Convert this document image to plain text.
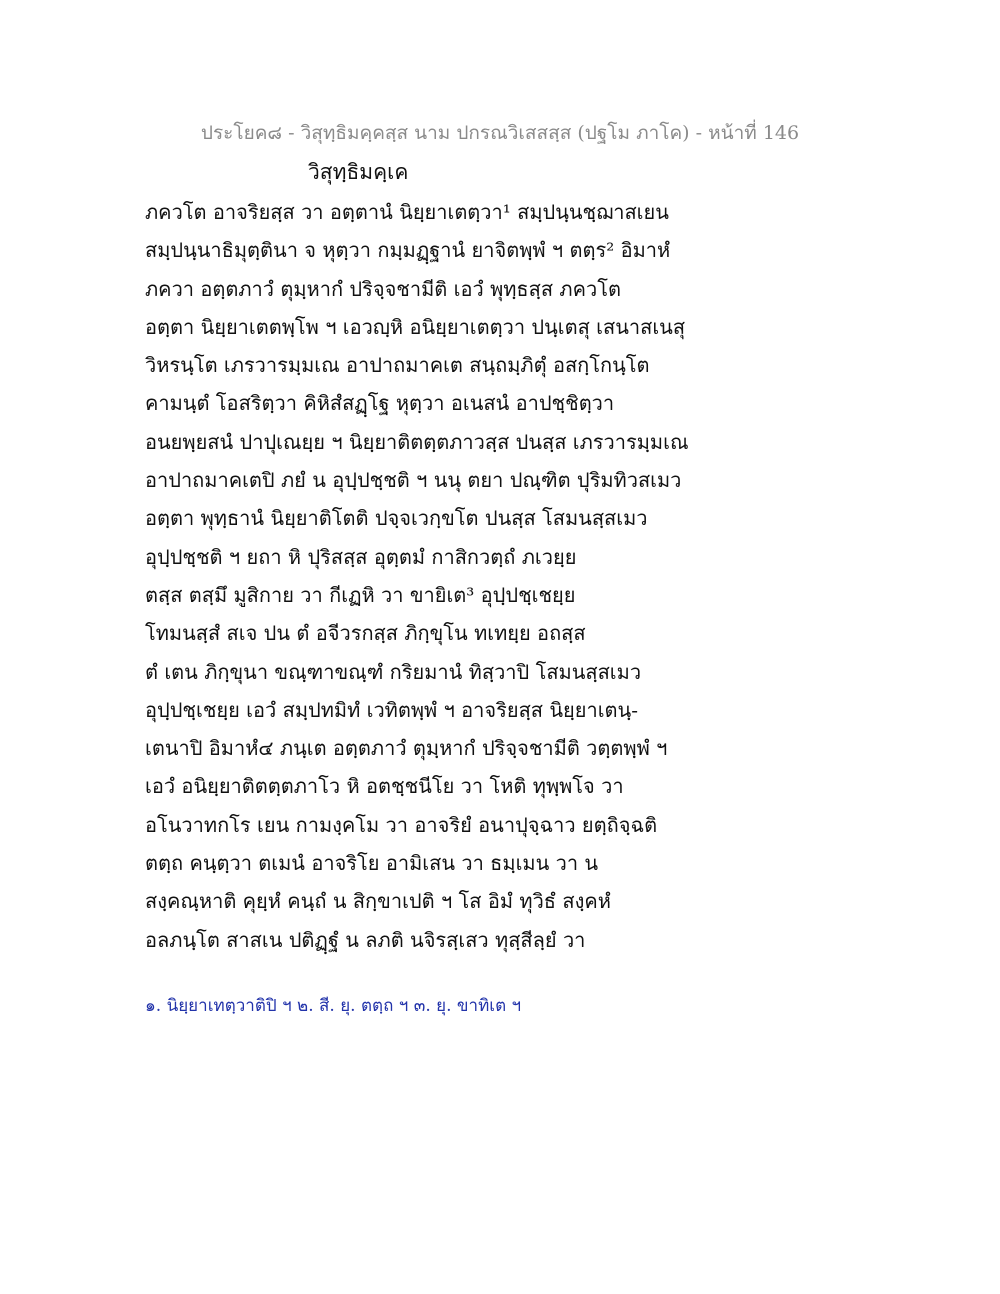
ประโยค๘ - วิสุทฺธิมคฺคสฺส นาม ปกรณวิเสสสฺส (ปฐโม ภาโค) - หน้าที่ 146
วิสุทฺธิมคฺเค
ภควโต อาจริยสฺส วา อตฺตานํ นิยฺยาเตตฺวา¹ สมฺปนฺนชฺฌาสเยน
สมฺปนฺนาธิมุตฺตินา จ หุตฺวา กมฺมฏฺฐานํ ยาจิตพฺพํ ฯ ตตฺร² อิมาหํ
ภควา อตฺตภาวํ ตุมฺหากํ ปริจฺจชามีติ เอวํ พุทฺธสฺส ภควโต
อตฺตา นิยฺยาเตตพฺโพ ฯ เอวญฺหิ อนิยฺยาเตตฺวา ปนฺเตสุ เสนาสเนสุ
วิหรนฺโต เภรวารมฺมเณ อาปาถมาคเต สนฺถมฺภิตุํ อสกฺโกนฺโต
คามนฺตํ โอสริตฺวา คิหิสํสฏฺโฐ หุตฺวา อเนสนํ อาปชฺชิตฺวา
อนยพฺยสนํ ปาปุเณยฺย ฯ นิยฺยาติตตฺตภาวสฺส ปนสฺส เภรวารมฺมเณ
อาปาถมาคเตปิ ภยํ น อุปฺปชฺชติ ฯ นนุ ตยา ปณฺฑิต ปุริมทิวสเมว
อตฺตา พุทฺธานํ นิยฺยาติโตติ ปจฺจเวกฺขโต ปนสฺส โสมนสฺสเมว
อุปฺปชฺชติ ฯ ยถา หิ ปุริสสฺส อุตฺตมํ กาสิกวตฺถํ ภเวยฺย
ตสฺส ตสฺมึ มูสิกาย วา กีเฏหิ วา ขายิเต³ อุปฺปชฺเชยฺย
โทมนสฺสํ สเจ ปน ตํ อจีวรกสฺส ภิกฺขุโน ทเทยฺย อถสฺส
ตํ เตน ภิกฺขุนา ขณฺฑาขณฺฑํ กริยมานํ ทิสฺวาปิ โสมนสฺสเมว
อุปฺปชฺเชยฺย เอวํ สมฺปทมิทํ เวทิตพฺพํ ฯ อาจริยสฺส นิยฺยาเตนฺ-
เตนาปิ อิมาหํ๔ ภนฺเต อตฺตภาวํ ตุมฺหากํ ปริจฺจชามีติ วตฺตพฺพํ ฯ
เอวํ อนิยฺยาติตตฺตภาโว หิ อตชฺชนีโย วา โหติ ทุพฺพโจ วา
อโนวาทกโร เยน กามงฺคโม วา อาจริยํ อนาปุจฺฉาว ยตฺถิจฺฉติ
ตตฺถ คนฺตฺวา ตเมนํ อาจริโย อามิเสน วา ธมฺเมน วา น
สงฺคณฺหาติ คุยฺหํ คนฺถํ น สิกฺขาเปติ ฯ โส อิมํ ทุวิธํ สงฺคหํ
อลภนฺโต สาสเน ปติฏฺฐํ น ลภติ นจิรสฺเสว ทุสฺสีลฺยํ วา
๑. นิยฺยาเทตฺวาติปิ ฯ ๒. สี. ยุ. ตตฺถ ฯ ๓. ยุ. ขาทิเต ฯ
